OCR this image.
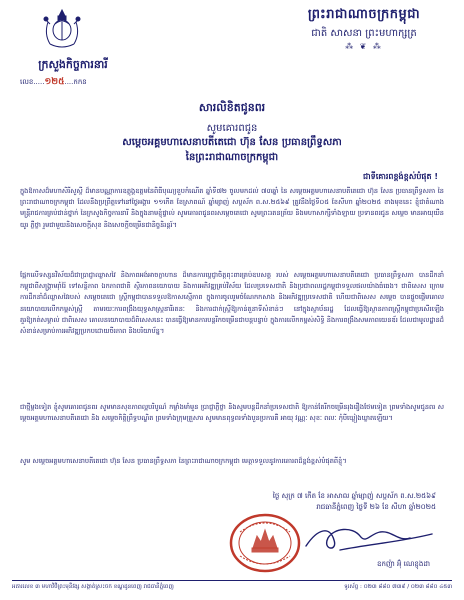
ព្រះរាជាណាចក្រកម្ពុជា
ជាតិ សាសនា ព្រះមហាក្សត្រ
⁂ ❦ ⁂
ក្រសួងកិច្ចការនារី
លេខ.....១២៥....កកន
សារលិខិតជូនពរ
សូមគោរពជូន
សម្តេចអគ្គមហាសេនាបតីតេជោ ហ៊ុន សែន ប្រធានព្រឹទ្ធសភា
នៃព្រះរាជាណាចក្រកម្ពុជា
ជាទីគោរពខ្ពង់ខ្ពស់បំផុត !
ក្នុងឱកាសដ៏មហាសិរីសួស្តី ដ៏មានបណ្ណាការឧត្តុង្គឧត្តមនៃពិធីបុណ្យខួបកំណើត ឆ្នាំទី៧២ ចូលមកដល់ ៧៣ឆ្នាំ នៃ សម្តេចអគ្គមហាសេនាបតីតេជោ ហ៊ុន សែន ប្រធានព្រឹទ្ធសភា នៃព្រះរាជាណាចក្រកម្ពុជា ដែលនឹងប្រព្រឹត្តទៅនៅថ្ងៃអង្គារ ១១កើត ខែស្រាពណ៍ ឆ្នាំម្សាញ់ សប្តស័ក ព.ស.២៥៦៩ ត្រូវនឹងថ្ងៃទី០៥ ខែសីហា ឆ្នាំ២០២៥ ខាងមុខនេះ ខ្ញុំជាតំណាងមន្ត្រីរាជការគ្រប់ជាន់ថ្នាក់ នៃក្រសួងកិច្ចការនារី និងក្នុងនាមខ្ញុំផ្ទាល់ សូមគោរពជូនពរសម្តេចតេជោ សូមព្រះរតនត្រ័យ និងមហាសាក្សីទាំងឡាយ ប្រទានពរជូន សម្តេច មានអាយុយឺនយូរ ភ្លឺថ្លា រួមជាមួយនិងសេចក្តីសុខ និងសេចក្តីចម្រើនជានិច្ចនិរន្តរ៍។
ផ្អែកលើទស្សនវិស័យដ៏ជាប្រាជ្ញាឈ្លាសវៃ និងភាពអង់អាចក្លាហាន ដ៏មានការប្តេជ្ញាចិត្តពុះពារគ្រប់ឧបសគ្គ របស់ សម្តេចអគ្គមហាសេនាបតីតេជោ ប្រធានព្រឹទ្ធសភា បានដឹកនាំកម្ពុជាពីសង្គ្រាមរ៉ាំរ៉ៃ ទៅសន្តិភាព ឯកភាពជាតិ ស្ថិរភាពនយោបាយ និងការអភិវឌ្ឍគ្រប់វិស័យ ដែលប្រទេសជាតិ និងប្រជាពលរដ្ឋកម្ពុជាទទួលផលយ៉ាងធំធេង។ ជាពិសេស ក្រោមការដឹកនាំដ៏ឈ្លាសវៃរបស់ សម្តេចតេជោ ស្ត្រីកម្ពុជាបានទទួលឱកាសស្មើភាព ក្នុងការចូលរួមចំណែកកសាង និងអភិវឌ្ឍប្រទេសជាតិ ហើយជាពិសេស សម្តេច បានផ្តួចផ្តើមគោលនយោបាយលើកកម្ពស់ស្ត្រី តាមរយៈការពង្រឹងយុទ្ធសាស្ត្រនារីរតនៈ និងការដាក់ស្ត្រីឱ្យកាន់តួនាទីសំខាន់ៗ នៅក្នុងស្ថាប័នរដ្ឋ ដែលធ្វើឱ្យស្ថានភាពស្ត្រីកម្ពុជាប្រសើរឡើងគួរឱ្យកត់សម្គាល់ ជាពិសេស គោលនយោបាយដ៏ពិសេសនេះ បានធ្វើឱ្យមានការបន្តរីកចម្រើនជាបន្តបន្ទាប់ ក្នុងការលើកកម្ពស់សិទ្ធិ និងការពង្រឹងសមភាពយេនឌ័រ ដែលជាមូលដ្ឋានដ៏សំខាន់សម្រាប់ការអភិវឌ្ឍប្រកបដោយចីរភាព និងបរិយាប័ន្ន។
ជាថ្មីម្តងទៀត ខ្ញុំសូមគោរពជូនពរ សូមមានសុខភាពល្អបរិបូណ៌ កម្លាំងមាំមួន ប្រាជ្ញាភ្លឺថ្លា និងសូមបន្តដឹកនាំប្រទេសជាតិ ឱ្យកាន់តែរីកចម្រើនរុងរឿងថែមទៀត ព្រមទាំងសូមជូនពរ សម្តេចអគ្គមហាសេនាបតីតេជោ និង សម្តេចកិត្តិព្រឹទ្ធបណ្ឌិត ព្រមទាំងក្រុមគ្រួសារ សូមមានពុទ្ធពរទាំងបួនប្រការគឺ អាយុ វណ្ណៈ សុខៈ ពលៈ កុំបីឃ្លៀងឃ្លាតឡើយ។
សូម សម្តេចអគ្គមហាសេនាបតីតេជោ ហ៊ុន សែន ប្រធានព្រឹទ្ធសភា នៃព្រះរាជាណាចក្រកម្ពុជា មេត្តាទទួលនូវការគោរពដ៏ខ្ពង់ខ្ពស់បំផុតពីខ្ញុំ។
ថ្ងៃ សុក្រ ៧ កើត ខែ អាសាឍ ឆ្នាំម្សាញ់ សប្តស័ក ព.ស.២៥៦៩
រាជធានីភ្នំពេញ ថ្ងៃទី ២៦ ខែ សីហា ឆ្នាំ២០២៥
ឧកញ៉ា អ៊ុំ ណេខ្ញុងដា
អគារលេខ ៣ មហាវិថីព្រះមុនីវង្ស សង្កាត់ស្រះចក ខណ្ឌដូនពេញ រាជធានីភ្នំពេញ	ទូរស័ព្ទ : ០២៣ ៨៨០ ៧៣៩ / ០២៣ ៨៨០ ៤៥៣
